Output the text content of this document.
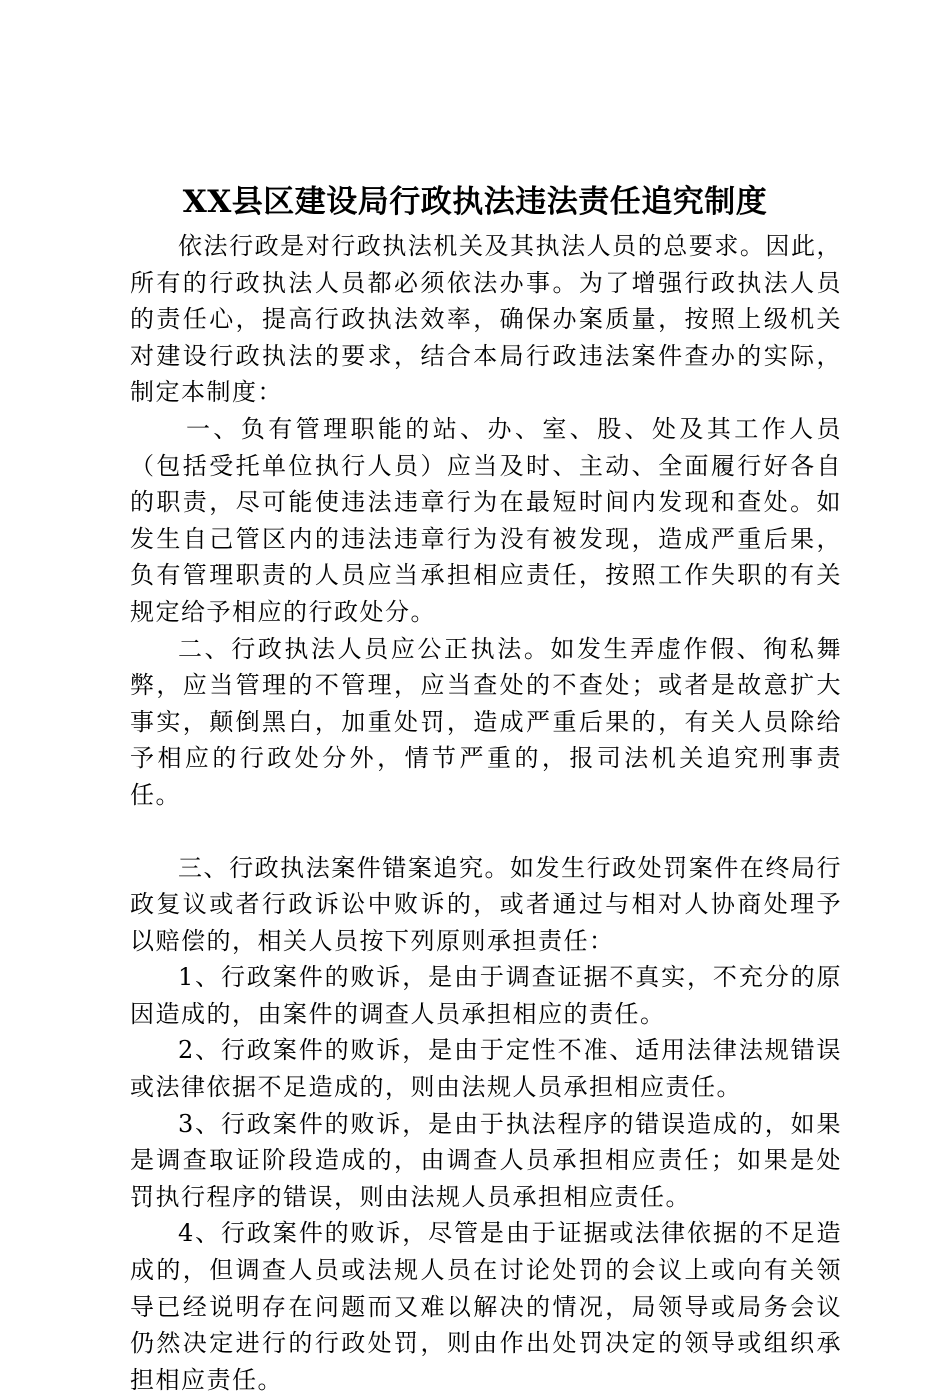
XX县区建设局行政执法违法责任追究制度

依法行政是对行政执法机关及其执法人员的总要求。因此，所有的行政执法人员都必须依法办事。为了增强行政执法人员的责任心，提高行政执法效率，确保办案质量，按照上级机关对建设行政执法的要求，结合本局行政违法案件查办的实际，制定本制度：

一、负有管理职能的站、办、室、股、处及其工作人员（包括受托单位执行人员）应当及时、主动、全面履行好各自的职责，尽可能使违法违章行为在最短时间内发现和查处。如发生自己管区内的违法违章行为没有被发现，造成严重后果，负有管理职责的人员应当承担相应责任，按照工作失职的有关规定给予相应的行政处分。

二、行政执法人员应公正执法。如发生弄虚作假、徇私舞弊，应当管理的不管理，应当查处的不查处；或者是故意扩大事实，颠倒黑白，加重处罚，造成严重后果的，有关人员除给予相应的行政处分外，情节严重的，报司法机关追究刑事责任。

三、行政执法案件错案追究。如发生行政处罚案件在终局行政复议或者行政诉讼中败诉的，或者通过与相对人协商处理予以赔偿的，相关人员按下列原则承担责任：

1、行政案件的败诉，是由于调查证据不真实，不充分的原因造成的，由案件的调查人员承担相应的责任。

2、行政案件的败诉，是由于定性不准、适用法律法规错误或法律依据不足造成的，则由法规人员承担相应责任。

3、行政案件的败诉，是由于执法程序的错误造成的，如果是调查取证阶段造成的，由调查人员承担相应责任；如果是处罚执行程序的错误，则由法规人员承担相应责任。

4、行政案件的败诉，尽管是由于证据或法律依据的不足造成的，但调查人员或法规人员在讨论处罚的会议上或向有关领导已经说明存在问题而又难以解决的情况，局领导或局务会议仍然决定进行的行政处罚，则由作出处罚决定的领导或组织承担相应责任。
